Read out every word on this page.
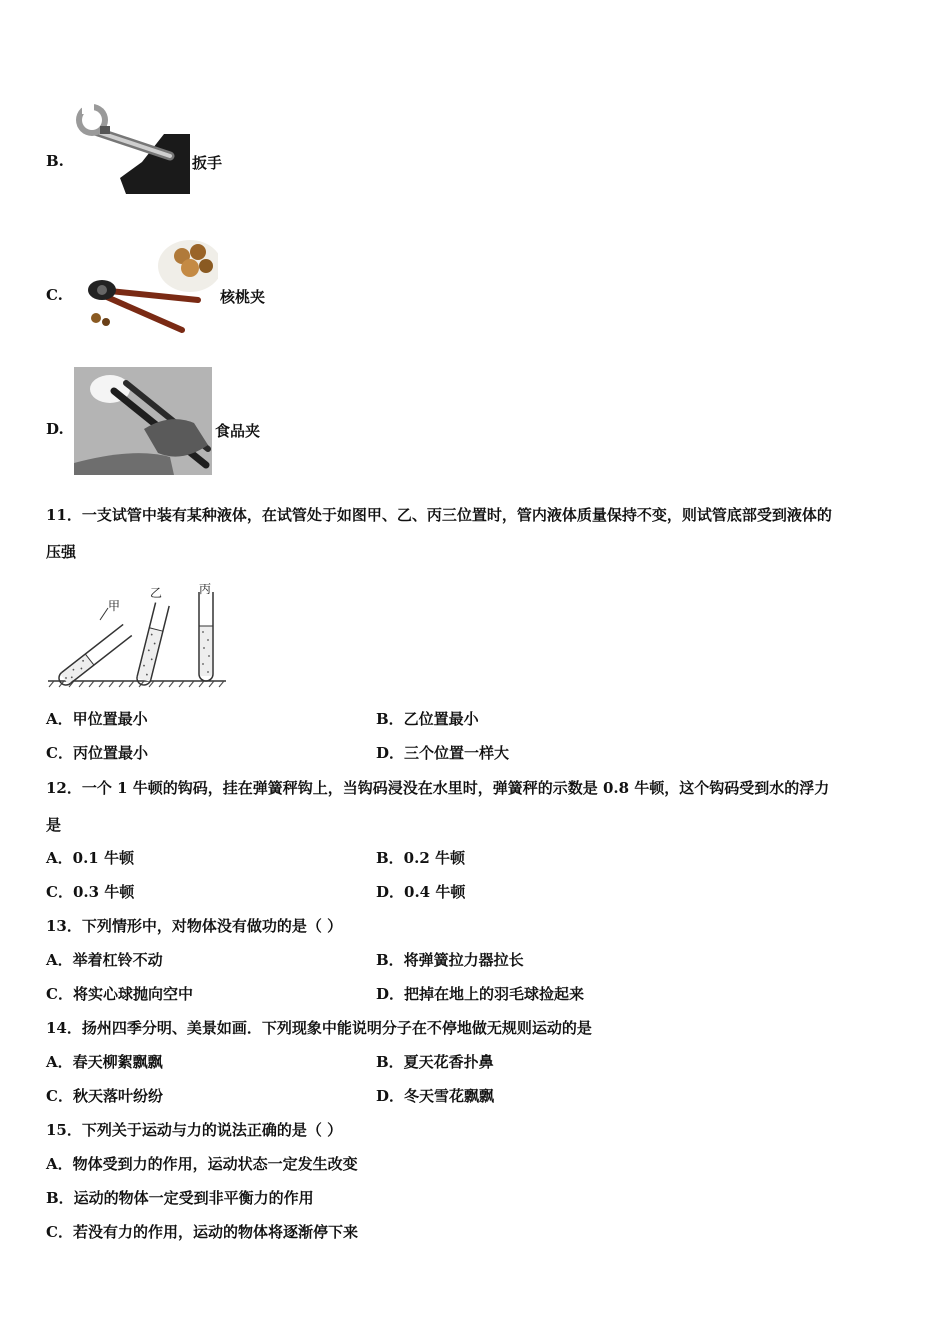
B.	扳手
C.	核桃夹
D.	食品夹
11．一支试管中装有某种液体，在试管处于如图甲、乙、丙三位置时，管内液体质量保持不变，则试管底部受到液体的
压强
甲
乙	丙
A．甲位置最小	B．乙位置最小
C．丙位置最小	D．三个位置一样大
12．一个 1 牛顿的钩码，挂在弹簧秤钩上，当钩码浸没在水里时，弹簧秤的示数是 0.8 牛顿，这个钩码受到水的浮力
是
A．0.1 牛顿	B．0.2 牛顿
C．0.3 牛顿	D．0.4 牛顿
13．下列情形中，对物体没有做功的是（ ）
A．举着杠铃不动	B．将弹簧拉力器拉长
C．将实心球抛向空中	D．把掉在地上的羽毛球捡起来
14．扬州四季分明、美景如画．下列现象中能说明分子在不停地做无规则运动的是
A．春天柳絮飘飘	B．夏天花香扑鼻
C．秋天落叶纷纷	D．冬天雪花飘飘
15．下列关于运动与力的说法正确的是（ ）
A．物体受到力的作用，运动状态一定发生改变
B．运动的物体一定受到非平衡力的作用
C．若没有力的作用，运动的物体将逐渐停下来
